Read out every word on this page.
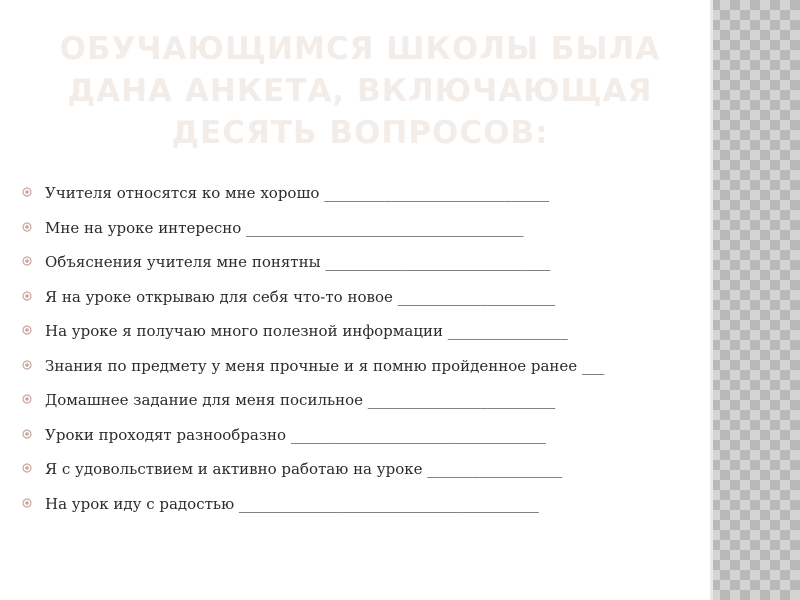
ОБУЧАЮЩИМСЯ ШКОЛЫ БЫЛА ДАНА АНКЕТА, ВКЛЮЧАЮЩАЯ ДЕСЯТЬ ВОПРОСОВ:
Учителя относятся ко мне хорошо ______________________________
Мне на уроке интересно _____________________________________
Объяснения учителя мне понятны ______________________________
Я на уроке открываю для себя что-то новое _____________________
На уроке я получаю много полезной информации ________________
Знания по предмету у меня прочные и я помню пройденное ранее ___
Домашнее задание для меня посильное _________________________
Уроки проходят разнообразно __________________________________
Я с удовольствием и активно работаю на уроке __________________
На урок иду с радостью ________________________________________
